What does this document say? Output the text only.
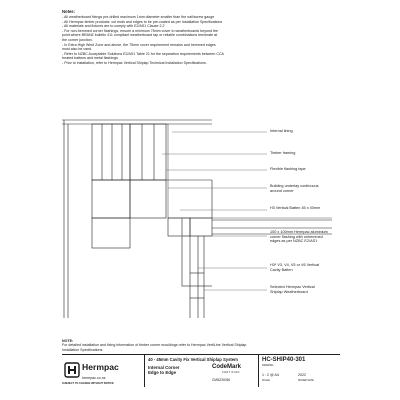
Notes:
- All weatherboard fixings pre-drilled maximum 1mm diameter smaller than the nail/screw gauge
- All Hermpac timber products: cut ends and edges to be pre-coated as per Installation Specifications
- All materials and fixtures are to comply with E2/AS1 Clause 2.2
- For non-hemmed corner flashings, ensure a minimum 75mm cover to weatherboards beyond the
point where BRANZ bulletin 411 compliant weatherboard tap or reliable combinations terminate at
the corner junction.
- In Extra High Wind Zone and above, the 75mm cover requirement remains and hemmed edges
must also be used.
- Refer to NZBC Acceptable Solutions E2/AS1 Table 21 for the separation requirements between CCA
treated battens and metal flashings
- Prior to installation, refer to Hermpac Vertical Shiplap Technical Installation Specifications.
Internal lining
Timber framing
Flexible flashing tape
Building underlay continuous around corner
H3 Vertical Batten 45 x 40mm
100 x 100mm Hermpac aluminium corner flashing with unhemmed edges as per NZBC E2/AS1
H3* V3, V4, V5 or V6 Vertical Cavity Batten
Selected Hermpac Vertical Shiplap Weatherboard
NOTE:
For detailed installation and fixing information of timber corner mouldings refer to Hermpac VertiLine Vertical Shiplap Installation Specifications.
Hermpac
hermpac.co.nz
SUBJECT TO CHANGE WITHOUT NOTICE
40 - 45mm Cavity Fix Vertical Shiplap System
Internal Corner
Edge to Edge
CodeMark
CERTIFIED
CMNZ30036
HC-SHIP40-301
DRAWING
1 : 2 @ A4
SCALE
2022
ISSUED DATE
